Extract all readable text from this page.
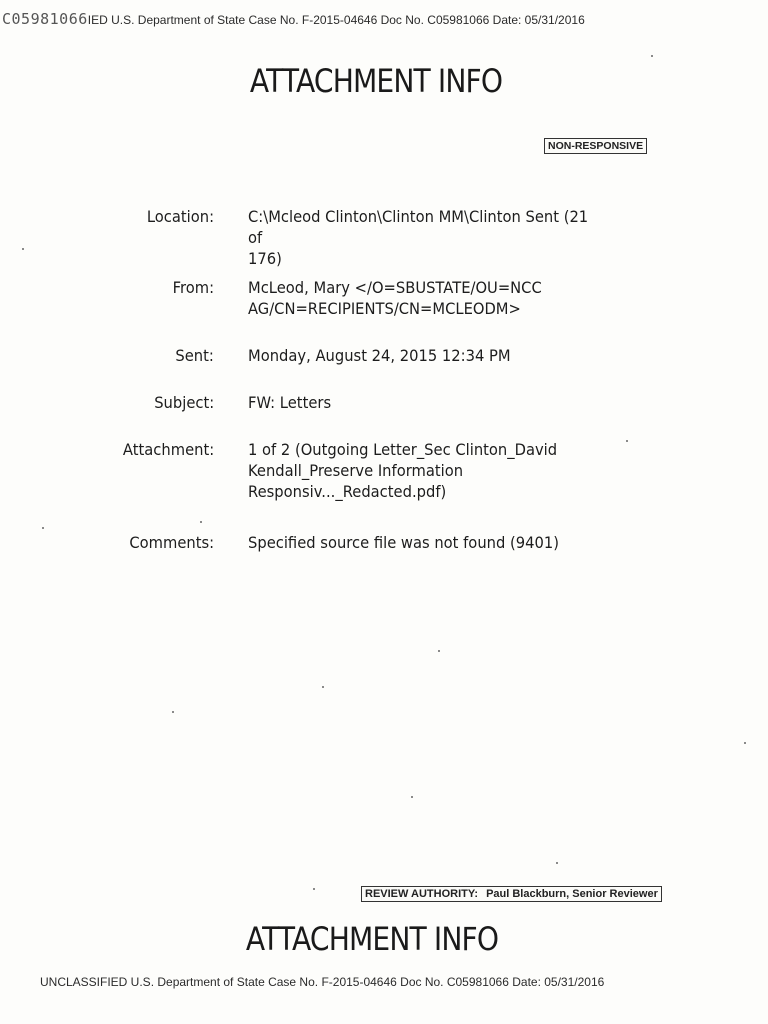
C05981066IED U.S. Department of State Case No. F-2015-04646 Doc No. C05981066 Date: 05/31/2016
ATTACHMENT INFO
NON-RESPONSIVE
Location: C:\Mcleod Clinton\Clinton MM\Clinton Sent (21 of
176)
From: McLeod, Mary </O=SBUSTATE/OU=NCC
AG/CN=RECIPIENTS/CN=MCLEODM>
Sent: Monday, August 24, 2015 12:34 PM
Subject: FW: Letters
Attachment: 1 of 2 (Outgoing Letter_Sec Clinton_David
Kendall_Preserve Information
Responsiv..._Redacted.pdf)
Comments: Specified source file was not found (9401)
REVIEW AUTHORITY: Paul Blackburn, Senior Reviewer
ATTACHMENT INFO
UNCLASSIFIED U.S. Department of State Case No. F-2015-04646 Doc No. C05981066 Date: 05/31/2016
